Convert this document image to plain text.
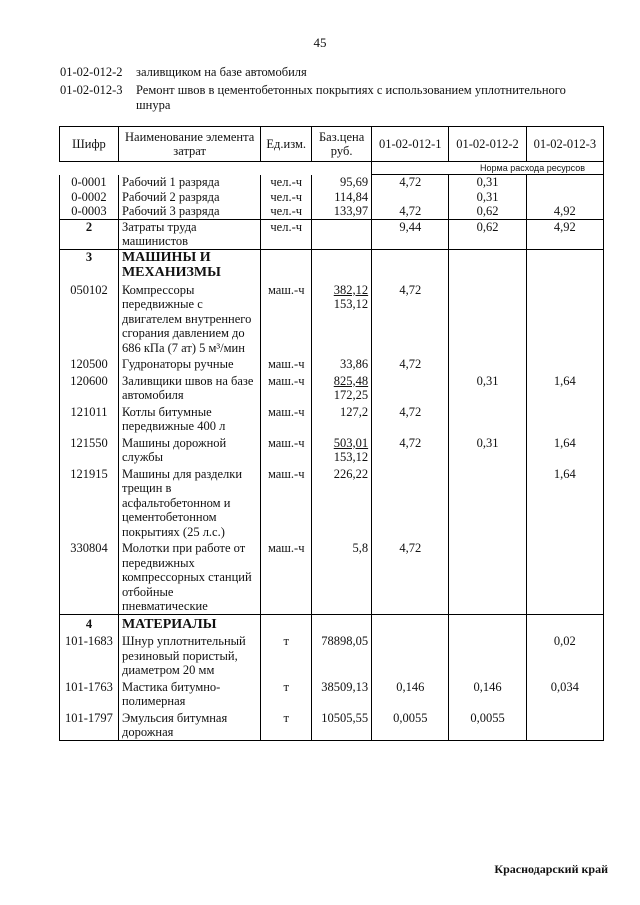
45
01-02-012-2 заливщиком на базе автомобиля
01-02-012-3 Ремонт швов в цементобетонных покрытиях с использованием уплотнительного шнура
Шифр	Наименование элемента затрат	Ед.изм.	Баз.цена руб.	01-02-012-1	01-02-012-2	01-02-012-3
				Норма расхода ресурсов		
0-0001	Рабочий 1 разряда	чел.-ч	95,69	4,72	0,31	
0-0002	Рабочий 2 разряда	чел.-ч	114,84		0,31	
0-0003	Рабочий 3 разряда	чел.-ч	133,97	4,72	0,62	4,92
2	Затраты труда машинистов	чел.-ч		9,44	0,62	4,92
3	МАШИНЫ И МЕХАНИЗМЫ		

050102	Компрессоры передвижные с двигателем внутреннего сгорания давлением до 686 кПа (7 ат) 5 м³/мин	маш.-ч	382,12
153,12	4,72		
120500	Гудронаторы ручные	маш.-ч	33,86	4,72		
120600	Заливщики швов на базе автомобиля	маш.-ч	825,48
172,25		0,31	1,64
121011	Котлы битумные передвижные 400 л	маш.-ч	127,2	4,72		
121550	Машины дорожной службы	маш.-ч	503,01
153,12	4,72	0,31	1,64
121915	Машины для разделки трещин в асфальтобетонном и цементобетонном покрытиях (25 л.с.)	маш.-ч	226,22			1,64
330804	Молотки при работе от передвижных компрессорных станций отбойные пневматические	маш.-ч	5,8	4,72		
4	МАТЕРИАЛЫ		

101-1683	Шнур уплотнительный резиновый пористый, диаметром 20 мм	т	78898,05			0,02
101-1763	Мастика битумно-полимерная	т	38509,13	0,146	0,146	0,034
101-1797	Эмульсия битумная дорожная	т	10505,55	0,0055	0,0055	
Краснодарский край
